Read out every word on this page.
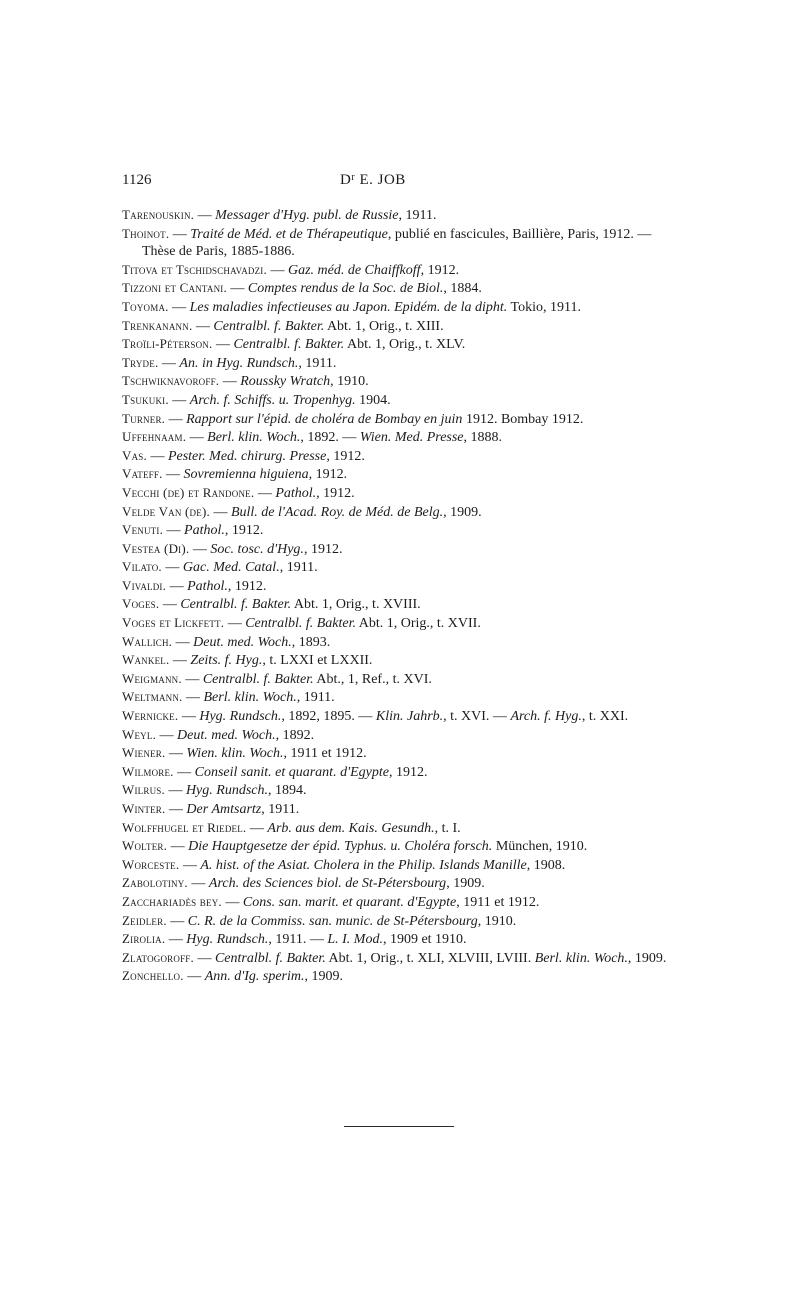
1126	$D^r$ E. JOB
Tarenouskin. — Messager d'Hyg. publ. de Russie, 1911.
Thoinot. — Traité de Méd. et de Thérapeutique, publié en fascicules, Baillière, Paris, 1912. — Thèse de Paris, 1885-1886.
Titova et Tschidschavadzi. — Gaz. méd. de Chaiffkoff, 1912.
Tizzoni et Cantani. — Comptes rendus de la Soc. de Biol., 1884.
Toyoma. — Les maladies infectieuses au Japon. Epidém. de la dipht. Tokio, 1911.
Trenkanann. — Centralbl. f. Bakter. Abt. 1, Orig., t. XIII.
Troïli-Péterson. — Centralbl. f. Bakter. Abt. 1, Orig., t. XLV.
Tryde. — An. in Hyg. Rundsch., 1911.
Tschwiknavoroff. — Roussky Wratch, 1910.
Tsukuki. — Arch. f. Schiffs. u. Tropenhyg. 1904.
Turner. — Rapport sur l'épid. de choléra de Bombay en juin 1912. Bombay 1912.
Uffehnaam. — Berl. klin. Woch., 1892. — Wien. Med. Presse, 1888.
Vas. — Pester. Med. chirurg. Presse, 1912.
Vateff. — Sovremienna higuiena, 1912.
Vecchi (de) et Randone. — Pathol., 1912.
Velde Van (de). — Bull. de l'Acad. Roy. de Méd. de Belg., 1909.
Venuti. — Pathol., 1912.
Vestea (Di). — Soc. tosc. d'Hyg., 1912.
Vilato. — Gac. Med. Catal., 1911.
Vivaldi. — Pathol., 1912.
Voges. — Centralbl. f. Bakter. Abt. 1, Orig., t. XVIII.
Voges et Lickfett. — Centralbl. f. Bakter. Abt. 1, Orig., t. XVII.
Wallich. — Deut. med. Woch., 1893.
Wankel. — Zeits. f. Hyg., t. LXXI et LXXII.
Weigmann. — Centralbl. f. Bakter. Abt., 1, Ref., t. XVI.
Weltmann. — Berl. klin. Woch., 1911.
Wernicke. — Hyg. Rundsch., 1892, 1895. — Klin. Jahrb., t. XVI. — Arch. f. Hyg., t. XXI.
Weyl. — Deut. med. Woch., 1892.
Wiener. — Wien. klin. Woch., 1911 et 1912.
Wilmore. — Conseil sanit. et quarant. d'Egypte, 1912.
Wilrus. — Hyg. Rundsch., 1894.
Winter. — Der Amtsartz, 1911.
Wolffhugel et Riedel. — Arb. aus dem. Kais. Gesundh., t. I.
Wolter. — Die Hauptgesetze der épid. Typhus. u. Choléra forsch. München, 1910.
Worceste. — A. hist. of the Asiat. Cholera in the Philip. Islands Manille, 1908.
Zabolotiny. — Arch. des Sciences biol. de St-Pétersbourg, 1909.
Zaccharıadès bey. — Cons. san. marit. et quarant. d'Egypte, 1911 et 1912.
Zeidler. — C. R. de la Commiss. san. munic. de St-Pétersbourg, 1910.
Zirolia. — Hyg. Rundsch., 1911. — L. I. Mod., 1909 et 1910.
Zlatogoroff. — Centralbl. f. Bakter. Abt. 1, Orig., t. XLI, XLVIII, LVIII. Berl. klin. Woch., 1909.
Zonchello. — Ann. d'Ig. sperim., 1909.
